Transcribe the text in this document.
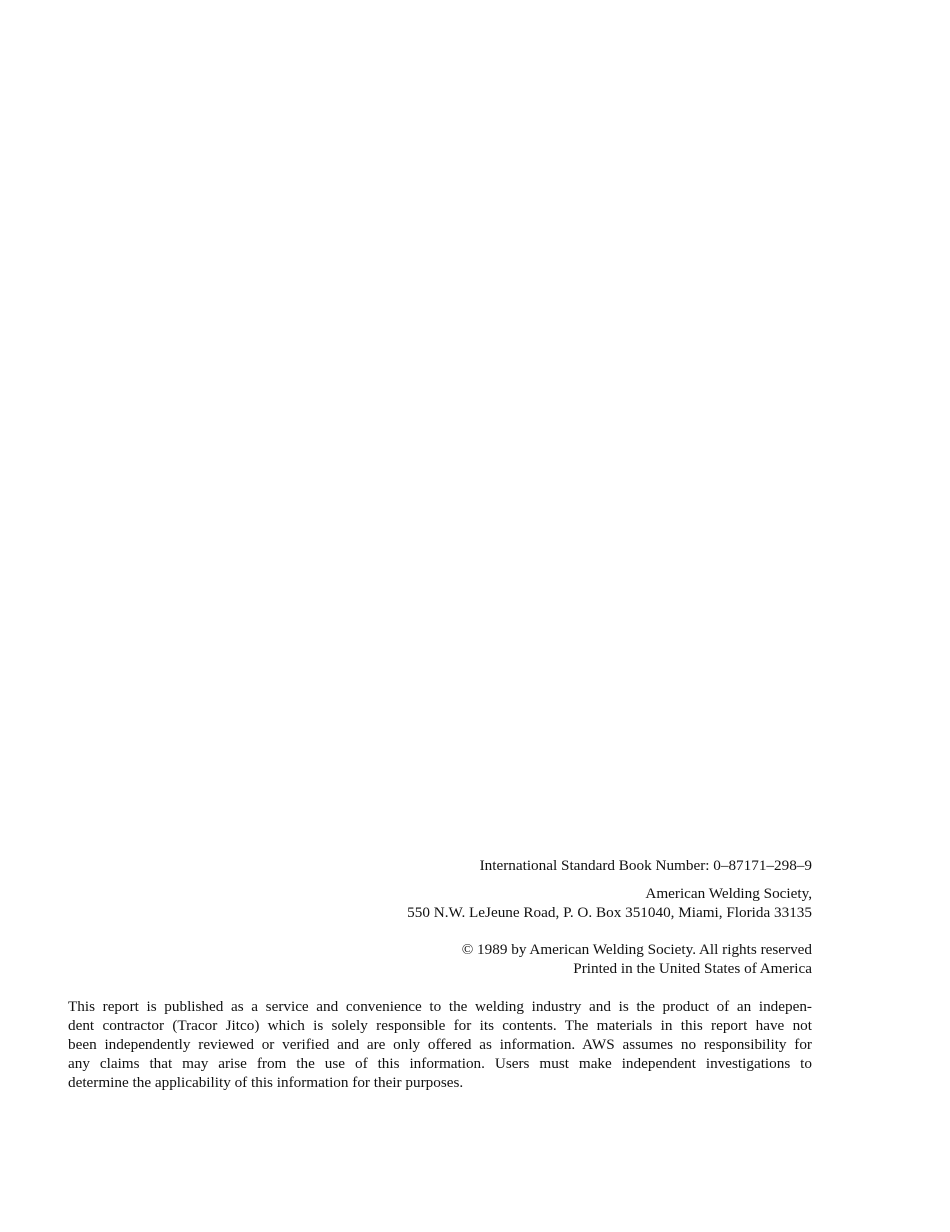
International Standard Book Number: 0–87171–298–9
American Welding Society,
550 N.W. LeJeune Road, P. O. Box 351040, Miami, Florida 33135
© 1989 by American Welding Society. All rights reserved
Printed in the United States of America
This report is published as a service and convenience to the welding industry and is the product of an indepen-
dent contractor (Tracor Jitco) which is solely responsible for its contents. The materials in this report have not
been independently reviewed or verified and are only offered as information. AWS assumes no responsibility for
any claims that may arise from the use of this information. Users must make independent investigations to
determine the applicability of this information for their purposes.
